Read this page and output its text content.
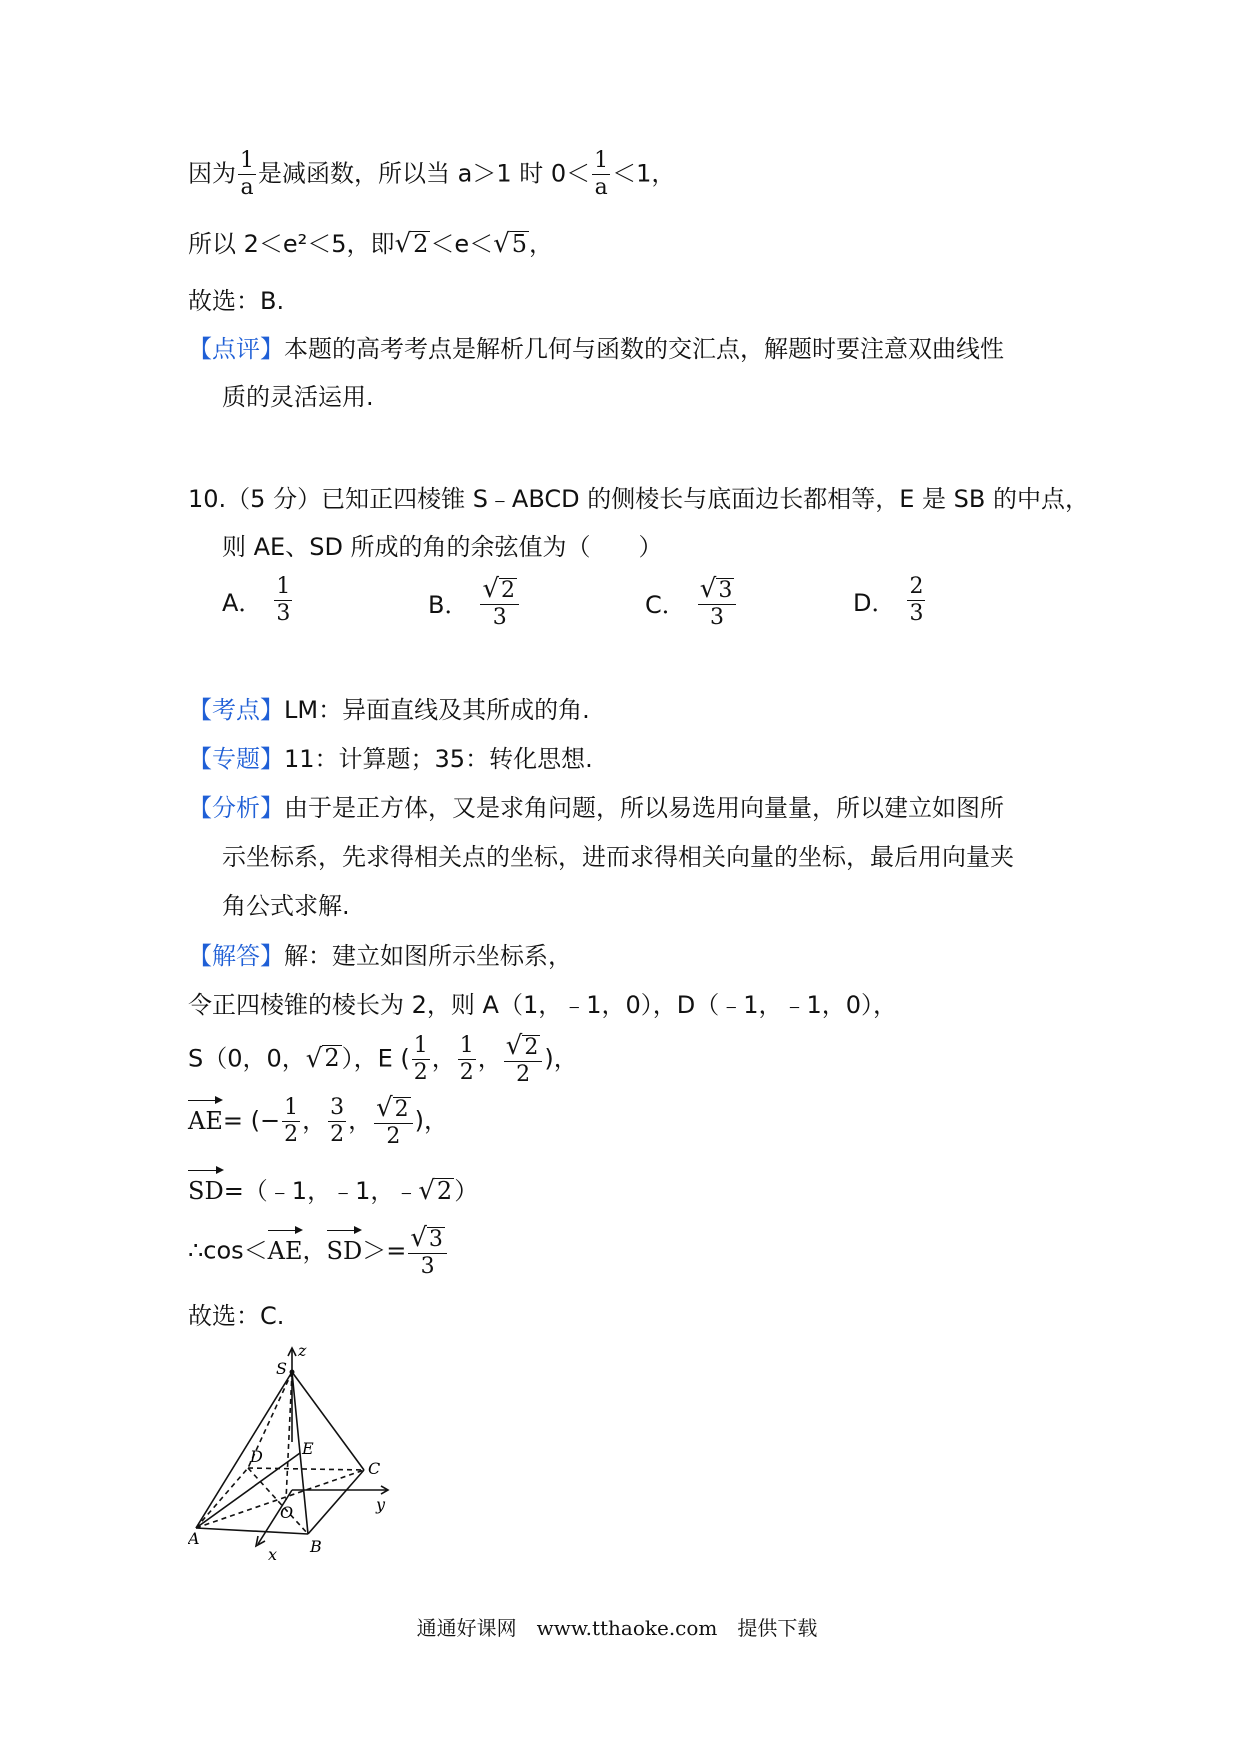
因为 $\frac{1}{a}$ 是减函数，所以当 a＞1 时 $0< \frac{1}{a} <1$，
所以 2＜e²＜5，即 √ 2 ＜e＜ √ 5 ，
故选：B.
【点评】本题的高考考点是解析几何与函数的交汇点，解题时要注意双曲线性
质的灵活运用.
10.（5 分）已知正四棱锥 S﹣ABCD 的侧棱长与底面边长都相等，E 是 SB 的中点，
则 AE、SD 所成的角的余弦值为（　　）
A． $\frac{1}{3}$	B． $\frac{√ 2}{3}$	C． $\frac{√ 3}{3}$	D． $\frac{2}{3}$
【考点】LM：异面直线及其所成的角.
【专题】11：计算题；35：转化思想.
【分析】由于是正方体，又是求角问题，所以易选用向量量，所以建立如图所
示坐标系，先求得相关点的坐标，进而求得相关向量的坐标，最后用向量夹
角公式求解.
【解答】解：建立如图所示坐标系，
令正四棱锥的棱长为 2，则 A（1，﹣1，0），D（﹣1，﹣1，0），
S（0，0， √ 2 ），E ( $\frac{1}{2}$ ， $\frac{1}{2}$ ， $\frac{√ 2}{2}$ )，
AE= (− $\frac{1}{2}$ ， $\frac{3}{2}$ ， $\frac{√ 2}{2}$ )，
SD=（﹣1，﹣1，﹣ √ 2 ）
∴cos＜AE，$SD>= \frac{√ 3}{3}$
故选：C.
S
A	B
C
D E
O
x
y
z
通通好课网　www.tthaoke.com　提供下载
